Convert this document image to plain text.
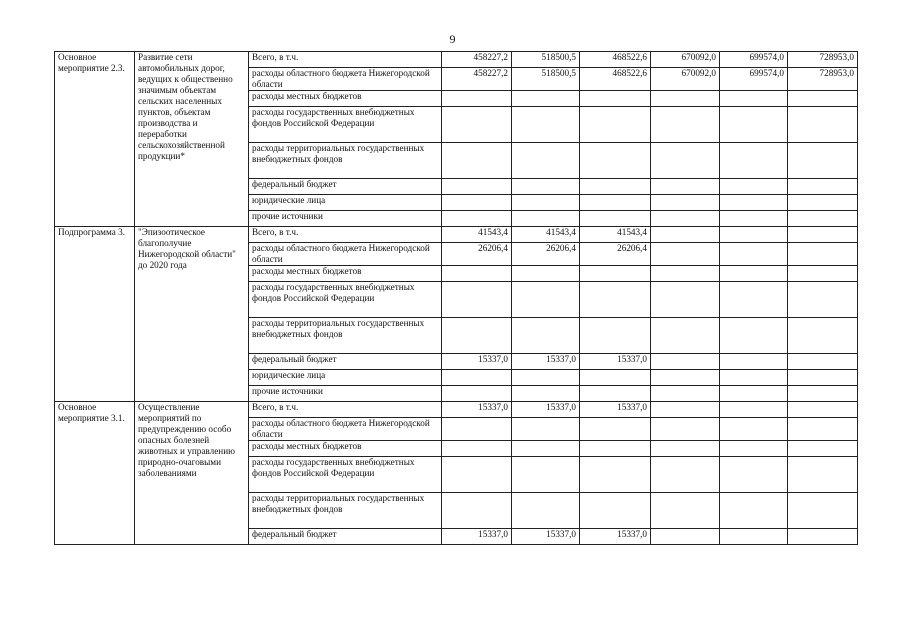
9
Основное мероприятие 2.3.	Развитие сети автомобильных дорог, ведущих к общественно значимым объектам сельских населенных пунктов, объектам производства и переработки сельскохозяйственной продукции*	Всего, в т.ч.	458227,2	518500,5	468522,6	670092,0	699574,0	728953,0
		расходы областного бюджета Нижегородской области	458227,2	518500,5	468522,6	670092,0	699574,0	728953,0
		расходы местных бюджетов						
		расходы государственных внебюджетных фондов Российской Федерации						
		расходы территориальных государственных внебюджетных фондов						
		федеральный бюджет						
		юридические лица						
		прочие источники						
Подпрограмма 3.	"Эпизоотическое благополучие Нижегородской области" до 2020 года	Всего, в т.ч.	41543,4	41543,4	41543,4			
		расходы областного бюджета Нижегородской области	26206,4	26206,4	26206,4			
		расходы местных бюджетов						
		расходы государственных внебюджетных фондов Российской Федерации						
		расходы территориальных государственных внебюджетных фондов						
		федеральный бюджет	15337,0	15337,0	15337,0			
		юридические лица						
		прочие источники						
Основное мероприятие 3.1.	Осуществление мероприятий по предупреждению особо опасных болезней животных и управлению природно-очаговыми заболеваниями	Всего, в т.ч.	15337,0	15337,0	15337,0			
		расходы областного бюджета Нижегородской области						
		расходы местных бюджетов						
		расходы государственных внебюджетных фондов Российской Федерации						
		расходы территориальных государственных внебюджетных фондов						
		федеральный бюджет	15337,0	15337,0	15337,0			
